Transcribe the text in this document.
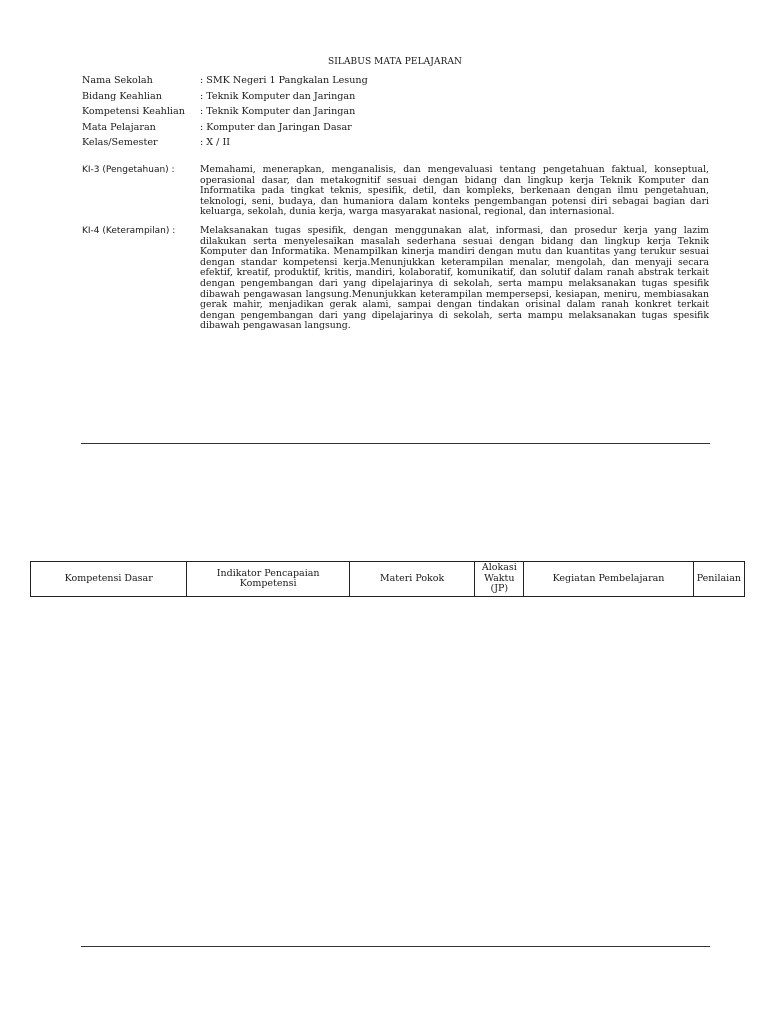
SILABUS MATA PELAJARAN
Nama Sekolah	: SMK Negeri 1 Pangkalan Lesung
Bidang Keahlian	: Teknik Komputer dan Jaringan
Kompetensi Keahlian : Teknik Komputer dan Jaringan
Mata Pelajaran	: Komputer dan Jaringan Dasar
Kelas/Semester	: X / II
KI-3 (Pengetahuan) :	Memahami, menerapkan, menganalisis, dan mengevaluasi tentang pengetahuan faktual, konseptual, operasional dasar, dan metakognitif sesuai dengan bidang dan lingkup kerja Teknik Komputer dan Informatika pada tingkat teknis, spesifik, detil, dan kompleks, berkenaan dengan ilmu pengetahuan, teknologi, seni, budaya, dan humaniora dalam konteks pengembangan potensi diri sebagai bagian dari keluarga, sekolah, dunia kerja, warga masyarakat nasional, regional, dan internasional.
KI-4 (Keterampilan) :	Melaksanakan tugas spesifik, dengan menggunakan alat, informasi, dan prosedur kerja yang lazim dilakukan serta menyelesaikan masalah sederhana sesuai dengan bidang dan lingkup kerja Teknik Komputer dan Informatika. Menampilkan kinerja mandiri dengan mutu dan kuantitas yang terukur sesuai dengan standar kompetensi kerja.Menunjukkan keterampilan menalar, mengolah, dan menyaji secara efektif, kreatif, produktif, kritis, mandiri, kolaboratif, komunikatif, dan solutif dalam ranah abstrak terkait dengan pengembangan dari yang dipelajarinya di sekolah, serta mampu melaksanakan tugas spesifik dibawah pengawasan langsung.Menunjukkan keterampilan mempersepsi, kesiapan, meniru, membiasakan gerak mahir, menjadikan gerak alami, sampai dengan tindakan orisinal dalam ranah konkret terkait dengan pengembangan dari yang dipelajarinya di sekolah, serta mampu melaksanakan tugas spesifik dibawah pengawasan langsung.
Kompetensi Dasar	Indikator Pencapaian Kompetensi	Materi Pokok	Alokasi Waktu (JP)	Kegiatan Pembelajaran	Penilaian
